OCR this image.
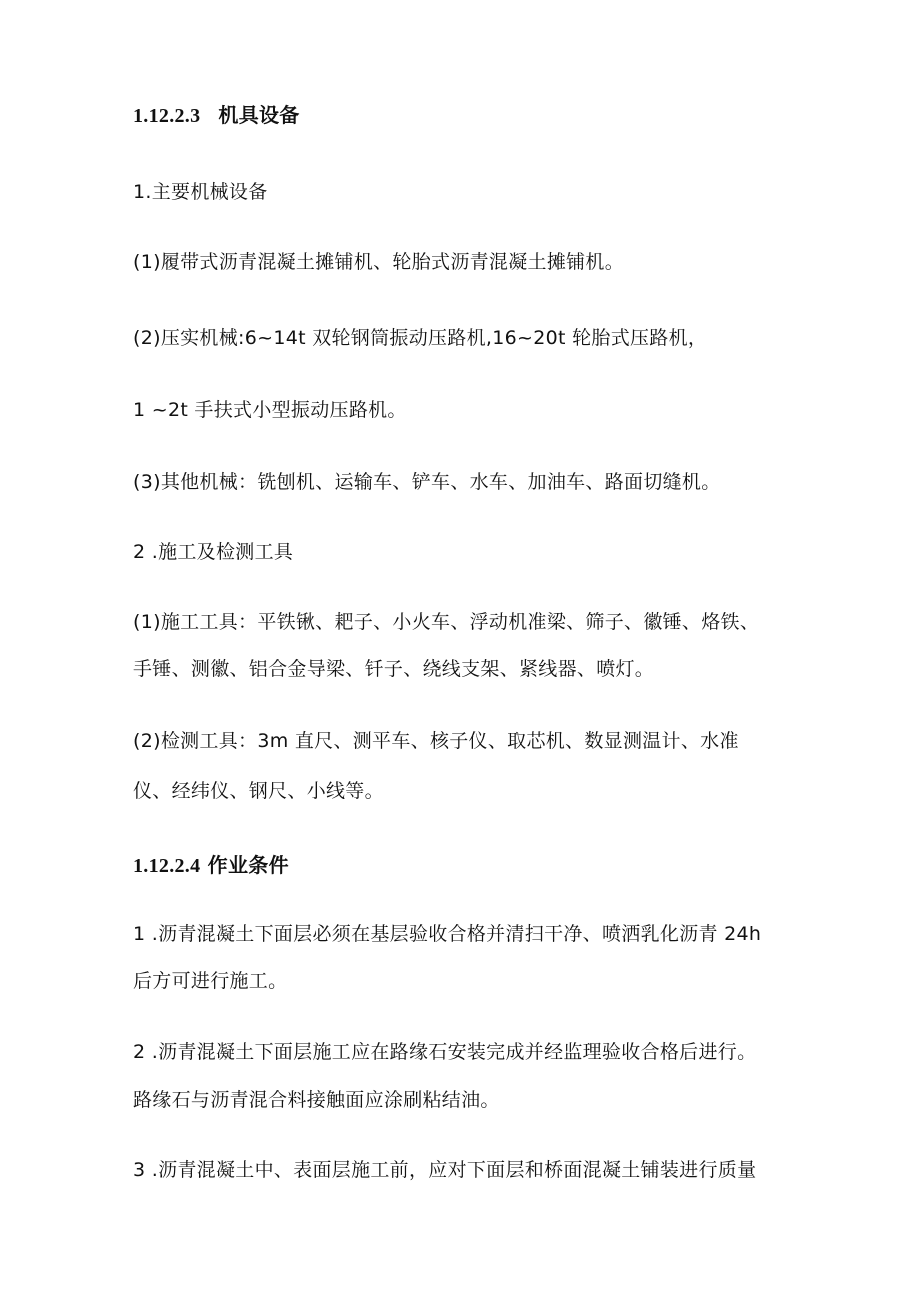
1.12.2.3 机具设备
1.主要机械设备
(1)履带式沥青混凝土摊铺机、轮胎式沥青混凝土摊铺机。
(2)压实机械:6~14t 双轮钢筒振动压路机,16~20t 轮胎式压路机，
1 ~2t 手扶式小型振动压路机。
(3)其他机械：铣刨机、运输车、铲车、水车、加油车、路面切缝机。
2 .施工及检测工具
(1)施工工具：平铁锹、耙子、小火车、浮动机准梁、筛子、徽锤、烙铁、
手锤、测徽、铝合金导梁、钎子、绕线支架、紧线器、喷灯。
(2)检测工具：3m 直尺、测平车、核子仪、取芯机、数显测温计、水准
仪、经纬仪、钢尺、小线等。
1.12.2.4 作业条件
1 .沥青混凝土下面层必须在基层验收合格并清扫干净、喷洒乳化沥青 24h
后方可进行施工。
2 .沥青混凝土下面层施工应在路缘石安装完成并经监理验收合格后进行。
路缘石与沥青混合料接触面应涂刷粘结油。
3 .沥青混凝土中、表面层施工前，应对下面层和桥面混凝土铺装进行质量
